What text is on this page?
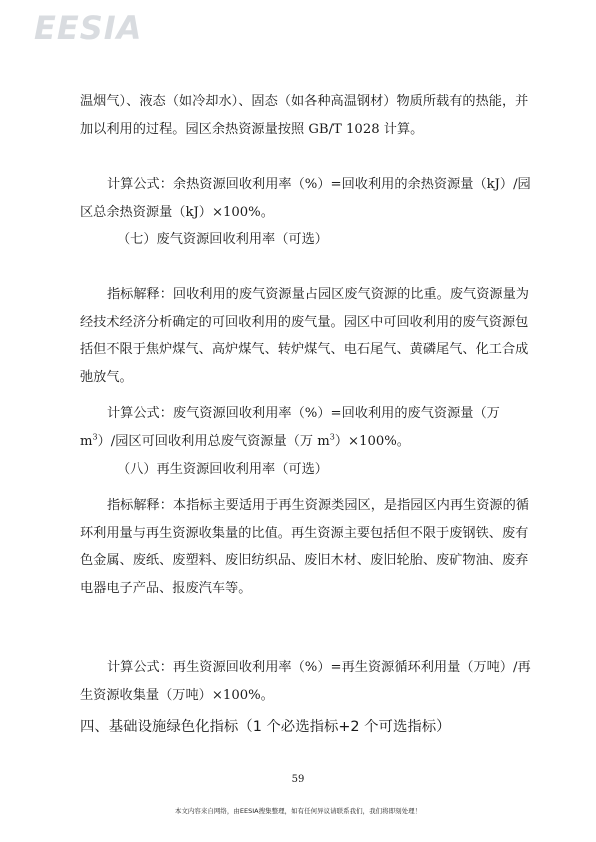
EESIA

温烟气）、液态（如冷却水）、固态（如各种高温钢材）物质所载有的热能，并加以利用的过程。园区余热资源量按照 GB/T 1028 计算。

计算公式：余热资源回收利用率（%）=回收利用的余热资源量（kJ）/园区总余热资源量（kJ）×100%。

（七）废气资源回收利用率（可选）

指标解释：回收利用的废气资源量占园区废气资源的比重。废气资源量为经技术经济分析确定的可回收利用的废气量。园区中可回收利用的废气资源包括但不限于焦炉煤气、高炉煤气、转炉煤气、电石尾气、黄磷尾气、化工合成弛放气。

计算公式：废气资源回收利用率（%）=回收利用的废气资源量（万 $m^3)/$园区可回收利用总废气资源量（万 $m^3)\times 100\%$。

（八）再生资源回收利用率（可选）

指标解释：本指标主要适用于再生资源类园区，是指园区内再生资源的循环利用量与再生资源收集量的比值。再生资源主要包括但不限于废钢铁、废有色金属、废纸、废塑料、废旧纺织品、废旧木材、废旧轮胎、废矿物油、废弃电器电子产品、报废汽车等。

计算公式：再生资源回收利用率（%）=再生资源循环利用量（万吨）/再生资源收集量（万吨）×100%。

四、基础设施绿色化指标（1 个必选指标+2 个可选指标）

59
本文内容来自网络，由EESIA搜集整理，如有任何异议请联系我们，我们将即刻处理！
